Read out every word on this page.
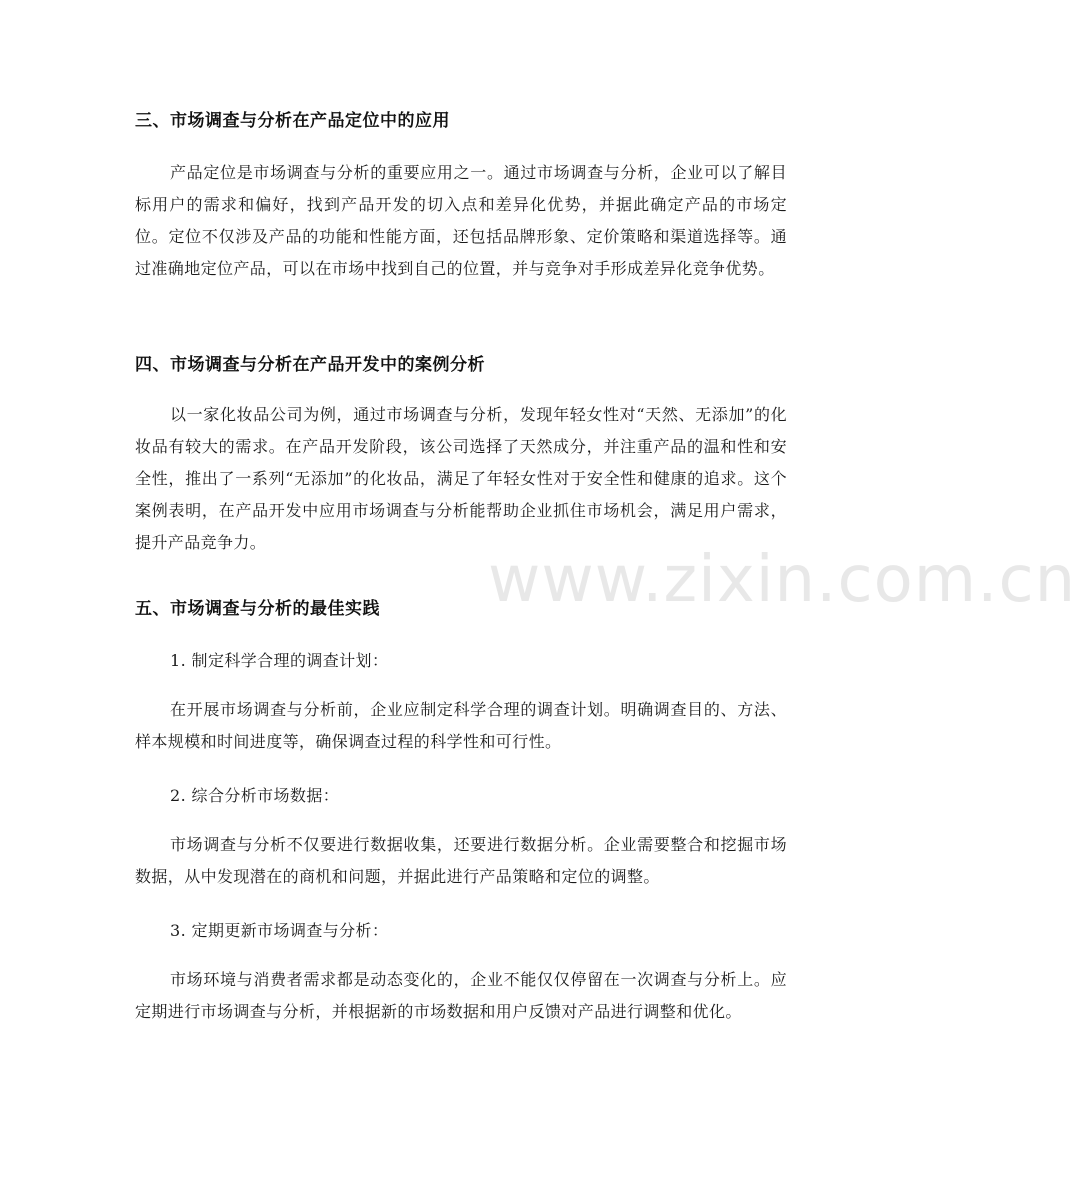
www.zixin.com.cn
三、市场调查与分析在产品定位中的应用
产品定位是市场调查与分析的重要应用之一。通过市场调查与分析，企业可以了解目标用户的需求和偏好，找到产品开发的切入点和差异化优势，并据此确定产品的市场定位。定位不仅涉及产品的功能和性能方面，还包括品牌形象、定价策略和渠道选择等。通过准确地定位产品，可以在市场中找到自己的位置，并与竞争对手形成差异化竞争优势。
四、市场调查与分析在产品开发中的案例分析
以一家化妆品公司为例，通过市场调查与分析，发现年轻女性对“天然、无添加”的化妆品有较大的需求。在产品开发阶段，该公司选择了天然成分，并注重产品的温和性和安全性，推出了一系列“无添加”的化妆品，满足了年轻女性对于安全性和健康的追求。这个案例表明，在产品开发中应用市场调查与分析能帮助企业抓住市场机会，满足用户需求，提升产品竞争力。
五、市场调查与分析的最佳实践
1. 制定科学合理的调查计划：
在开展市场调查与分析前，企业应制定科学合理的调查计划。明确调查目的、方法、样本规模和时间进度等，确保调查过程的科学性和可行性。
2. 综合分析市场数据：
市场调查与分析不仅要进行数据收集，还要进行数据分析。企业需要整合和挖掘市场数据，从中发现潜在的商机和问题，并据此进行产品策略和定位的调整。
3. 定期更新市场调查与分析：
市场环境与消费者需求都是动态变化的，企业不能仅仅停留在一次调查与分析上。应定期进行市场调查与分析，并根据新的市场数据和用户反馈对产品进行调整和优化。
